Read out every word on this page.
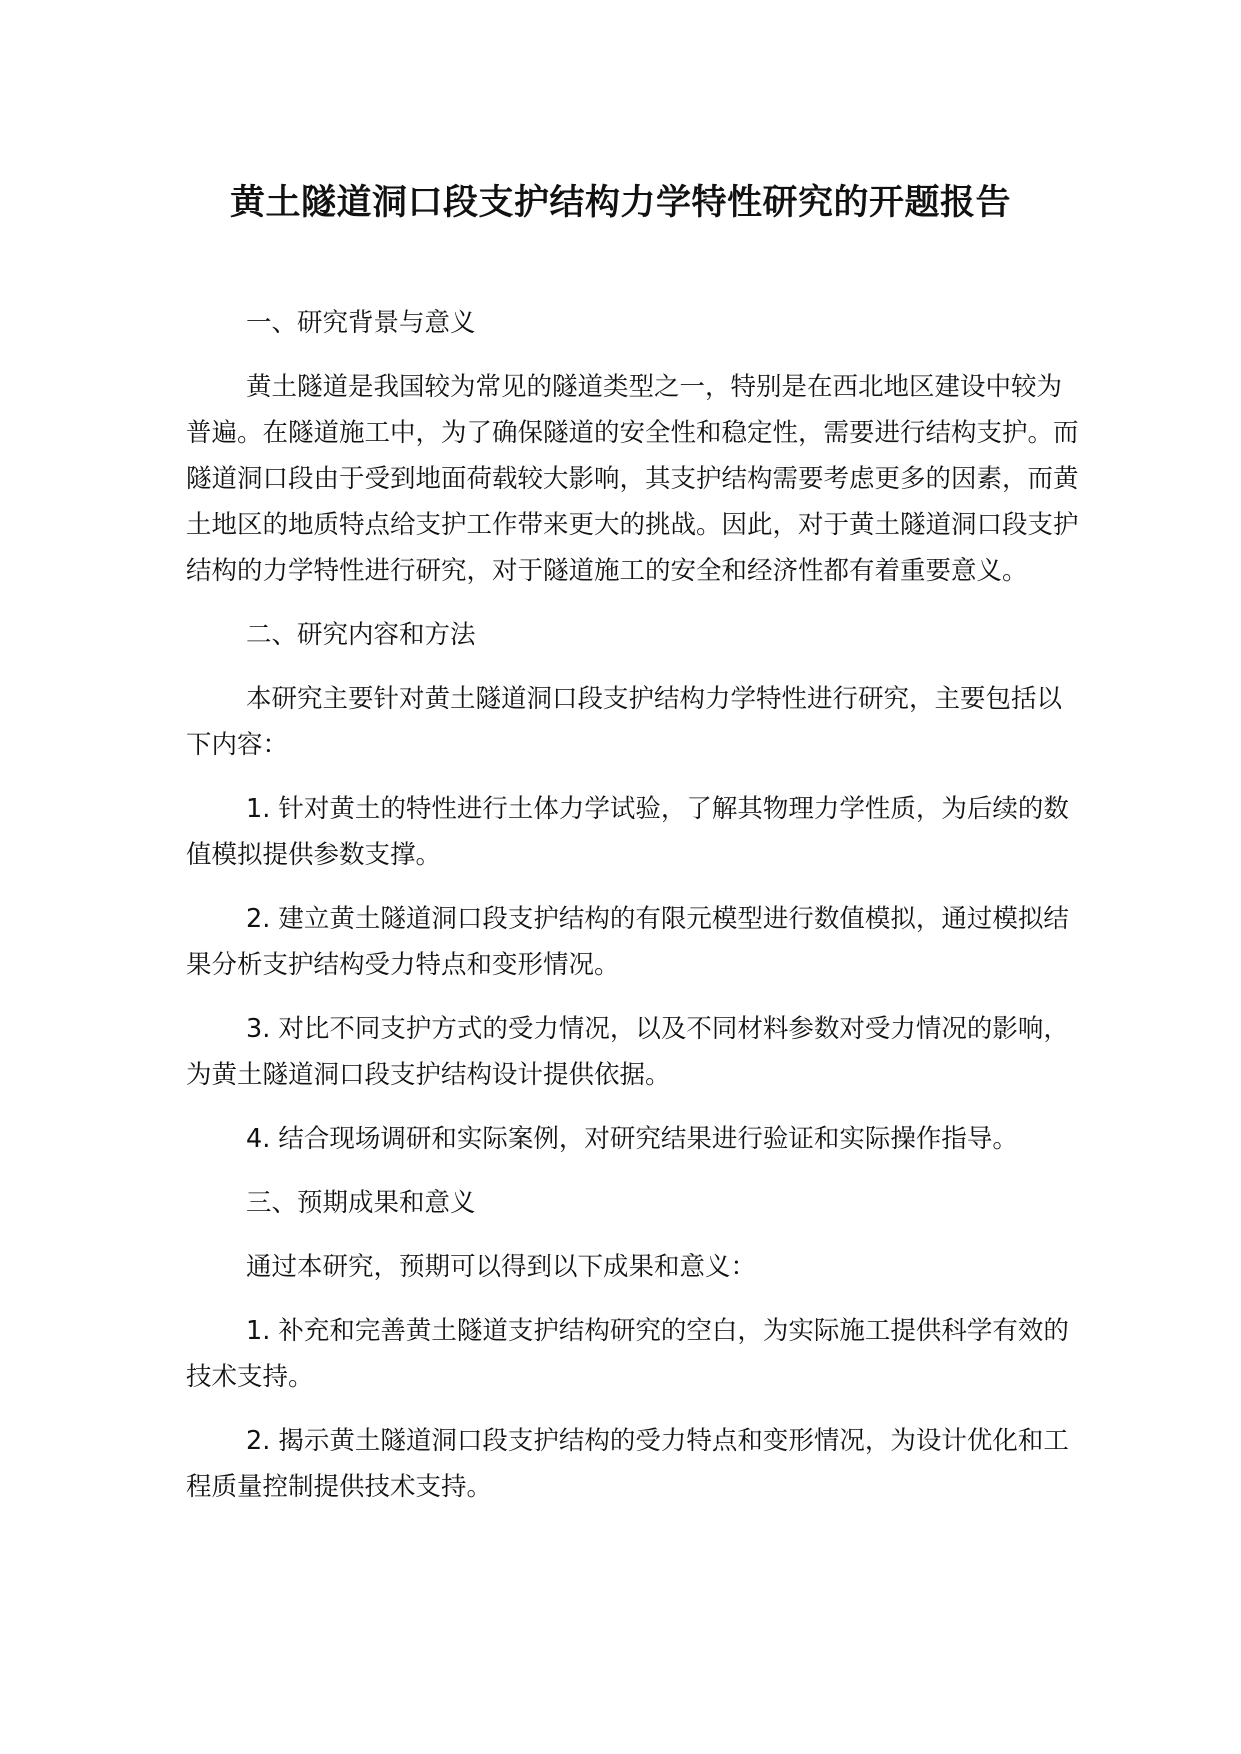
黄土隧道洞口段支护结构力学特性研究的开题报告

一、研究背景与意义

黄土隧道是我国较为常见的隧道类型之一，特别是在西北地区建设中较为普遍。在隧道施工中，为了确保隧道的安全性和稳定性，需要进行结构支护。而隧道洞口段由于受到地面荷载较大影响，其支护结构需要考虑更多的因素，而黄土地区的地质特点给支护工作带来更大的挑战。因此，对于黄土隧道洞口段支护结构的力学特性进行研究，对于隧道施工的安全和经济性都有着重要意义。

二、研究内容和方法

本研究主要针对黄土隧道洞口段支护结构力学特性进行研究，主要包括以下内容：

1. 针对黄土的特性进行土体力学试验，了解其物理力学性质，为后续的数值模拟提供参数支撑。

2. 建立黄土隧道洞口段支护结构的有限元模型进行数值模拟，通过模拟结果分析支护结构受力特点和变形情况。

3. 对比不同支护方式的受力情况，以及不同材料参数对受力情况的影响，为黄土隧道洞口段支护结构设计提供依据。

4. 结合现场调研和实际案例，对研究结果进行验证和实际操作指导。

三、预期成果和意义

通过本研究，预期可以得到以下成果和意义：

1. 补充和完善黄土隧道支护结构研究的空白，为实际施工提供科学有效的技术支持。

2. 揭示黄土隧道洞口段支护结构的受力特点和变形情况，为设计优化和工程质量控制提供技术支持。
